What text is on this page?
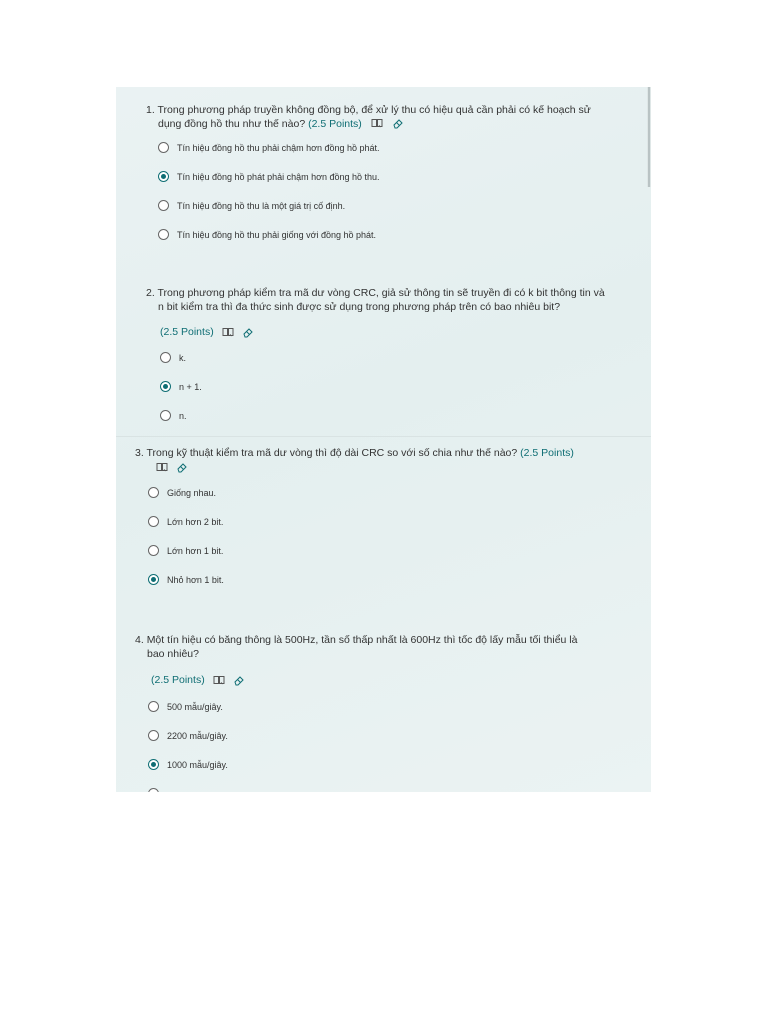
1. Trong phương pháp truyền không đồng bộ, để xử lý thu có hiệu quả cần phải có kế hoạch sử
dụng đồng hồ thu như thế nào? (2.5 Points)

Tín hiệu đồng hồ thu phải chậm hơn đồng hồ phát.
Tín hiệu đồng hồ phát phải chậm hơn đồng hồ thu.
Tín hiệu đồng hồ thu là một giá trị cố định.
Tín hiệu đồng hồ thu phải giống với đồng hồ phát.
2. Trong phương pháp kiểm tra mã dư vòng CRC, giả sử thông tin sẽ truyền đi có k bit thông tin và
n bit kiểm tra thì đa thức sinh được sử dụng trong phương pháp trên có bao nhiêu bit?
(2.5 Points)
k.
n + 1.
n.
3. Trong kỹ thuật kiểm tra mã dư vòng thì độ dài CRC so với số chia như thế nào? (2.5 Points)
Giống nhau.
Lớn hơn 2 bit.
Lớn hơn 1 bit.
Nhỏ hơn 1 bit.
4. Một tín hiệu có băng thông là 500Hz, tần số thấp nhất là 600Hz thì tốc độ lấy mẫu tối thiểu là
bao nhiêu?
(2.5 Points)
500 mẫu/giây.
2200 mẫu/giây.
1000 mẫu/giây.
